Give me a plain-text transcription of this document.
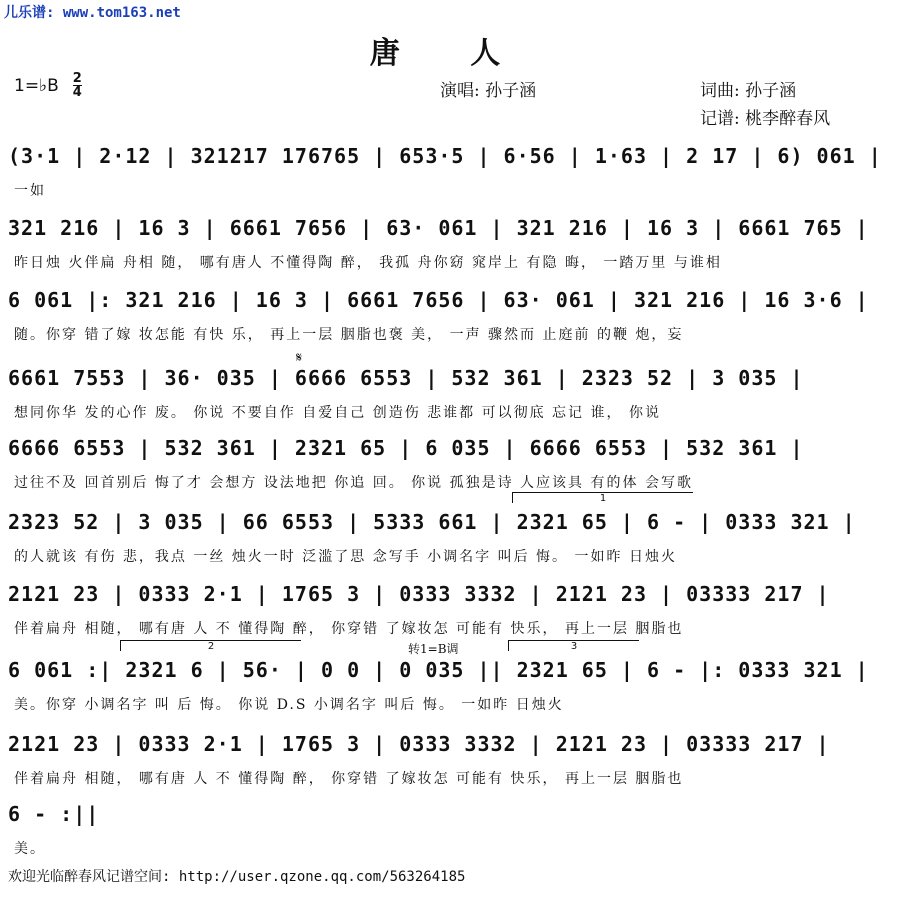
儿乐谱: www.tom163.net
唐 人
1=♭B 2
4	演唱: 孙子涵	词曲: 孙子涵
记谱: 桃李醉春风
𝄋
(3·1 | 2·12 | 321217 176765 | 653·5 | 6·56 | 1·63 | 2 17 | 6) 061 |
一如
321 216 | 16 3 | 6661 7656 | 63· 061 | 321 216 | 16 3 | 6661 765 |
昨日烛 火伴扁 舟相 随， 哪有唐人 不懂得陶 醉， 我孤 舟你窈 窕岸上 有隐 晦， 一踏万里 与谁相
6 061 |: 321 216 | 16 3 | 6661 7656 | 63· 061 | 321 216 | 16 3·6 |
随。你穿 错了嫁 妆怎能 有快 乐， 再上一层 胭脂也褒 美， 一声 骤然而 止庭前 的鞭 炮，妄
6661 7553 | 36· 035 | 6666 6553 | 532 361 | 2323 52 | 3 035 |
想同你华 发的心作 废。 你说 不要自作 自爱自己 创造伤 悲谁都 可以彻底 忘记 谁， 你说
6666 6553 | 532 361 | 2321 65 | 6 035 | 6666 6553 | 532 361 |
过往不及 回首别后 悔了才 会想方 设法地把 你追 回。 你说 孤独是诗 人应该具 有的体 会写歌
1
2323 52 | 3 035 | 66 6553 | 5333 661 | 2321 65 | 6 - | 0333 321 |
的人就该 有伤 悲，我点 一丝 烛火一时 泛滥了思 念写手 小调名字 叫后 悔。 一如昨 日烛火
2121 23 | 0333 2·1 | 1765 3 | 0333 3332 | 2121 23 | 03333 217 |
伴着扁舟 相随， 哪有唐 人 不 懂得陶 醉， 你穿错 了嫁妆怎 可能有 快乐， 再上一层 胭脂也
2	3
转1=B调
6 061 :| 2321 6 | 56· | 0 0 | 0 035 || 2321 65 | 6 - |: 0333 321 |
美。你穿 小调名字 叫 后 悔。 你说 D.S 小调名字 叫后 悔。 一如昨 日烛火
2121 23 | 0333 2·1 | 1765 3 | 0333 3332 | 2121 23 | 03333 217 |
伴着扁舟 相随， 哪有唐 人 不 懂得陶 醉， 你穿错 了嫁妆怎 可能有 快乐， 再上一层 胭脂也
6 - :||
美。
欢迎光临醉春风记谱空间: http://user.qzone.qq.com/563264185
